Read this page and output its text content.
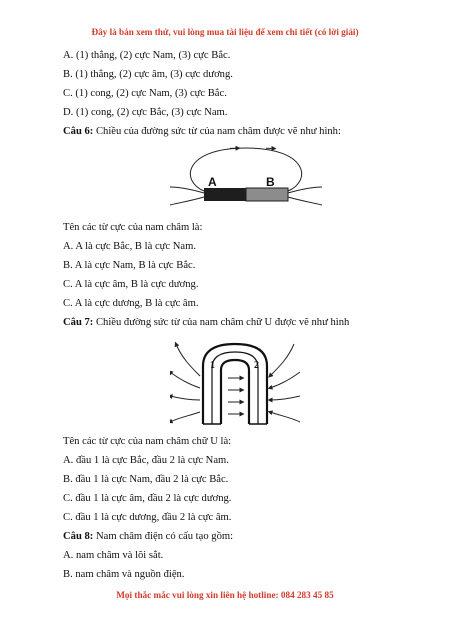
Đây là bản xem thử, vui lòng mua tài liệu để xem chi tiết (có lời giải)
A. (1) thẳng, (2) cực Nam, (3) cực Bắc.
B. (1) thẳng, (2) cực âm, (3) cực dương.
C. (1) cong, (2) cực Nam, (3) cực Bắc.
D. (1) cong, (2) cực Bắc, (3) cực Nam.
Câu 6: Chiều của đường sức từ của nam châm được vẽ như hình:
A	B
Tên các từ cực của nam châm là:
A. A là cực Bắc, B là cực Nam.
B. A là cực Nam, B là cực Bắc.
C. A là cực âm, B là cực dương.
C. A là cực dương, B là cực âm.
Câu 7: Chiều đường sức từ của nam châm chữ U được vẽ như hình
1	2
Tên các từ cực của nam châm chữ U là:
A. đầu 1 là cực Bắc, đầu 2 là cực Nam.
B. đầu 1 là cực Nam, đầu 2 là cực Bắc.
C. đầu 1 là cực âm, đầu 2 là cực dương.
C. đầu 1 là cực dương, đầu 2 là cực âm.
Câu 8: Nam châm điện có cấu tạo gồm:
A. nam châm và lõi sắt.
B. nam châm và nguồn điện.
Mọi thắc mắc vui lòng xin liên hệ hotline: 084 283 45 85
